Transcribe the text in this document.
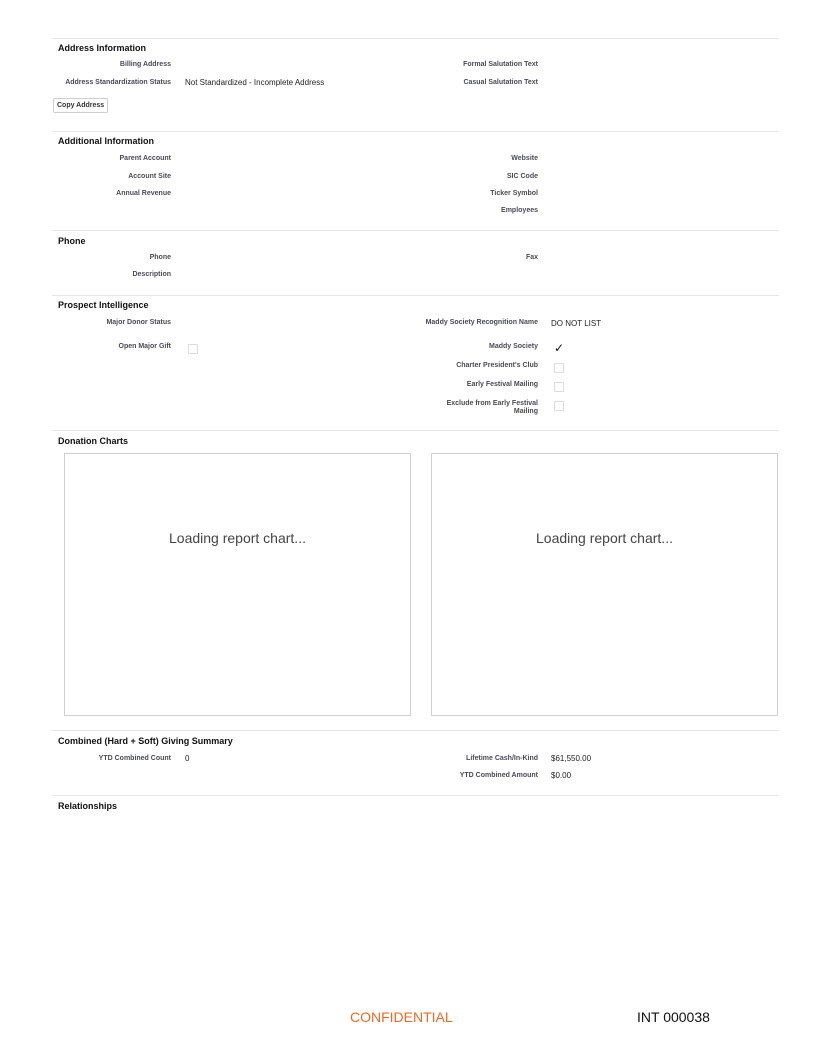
Address Information
Billing Address	Formal Salutation Text
Address Standardization Status Not Standardized - Incomplete Address	Casual Salutation Text
Copy Address
Additional Information
Parent Account	Website
Account Site	SIC Code
Annual Revenue	Ticker Symbol
Employees
Phone
Phone	Fax
Description
Prospect Intelligence
Major Donor Status	Maddy Society Recognition Name DO NOT LIST
Open Major Gift	Maddy Society ✓
Charter President's Club
Early Festival Mailing
Exclude from Early Festival Mailing
Donation Charts
Loading report chart...	Loading report chart...
Combined (Hard + Soft) Giving Summary
YTD Combined Count 0	Lifetime Cash/In-Kind $61,550.00
YTD Combined Amount $0.00
Relationships
CONFIDENTIAL	INT 000038
